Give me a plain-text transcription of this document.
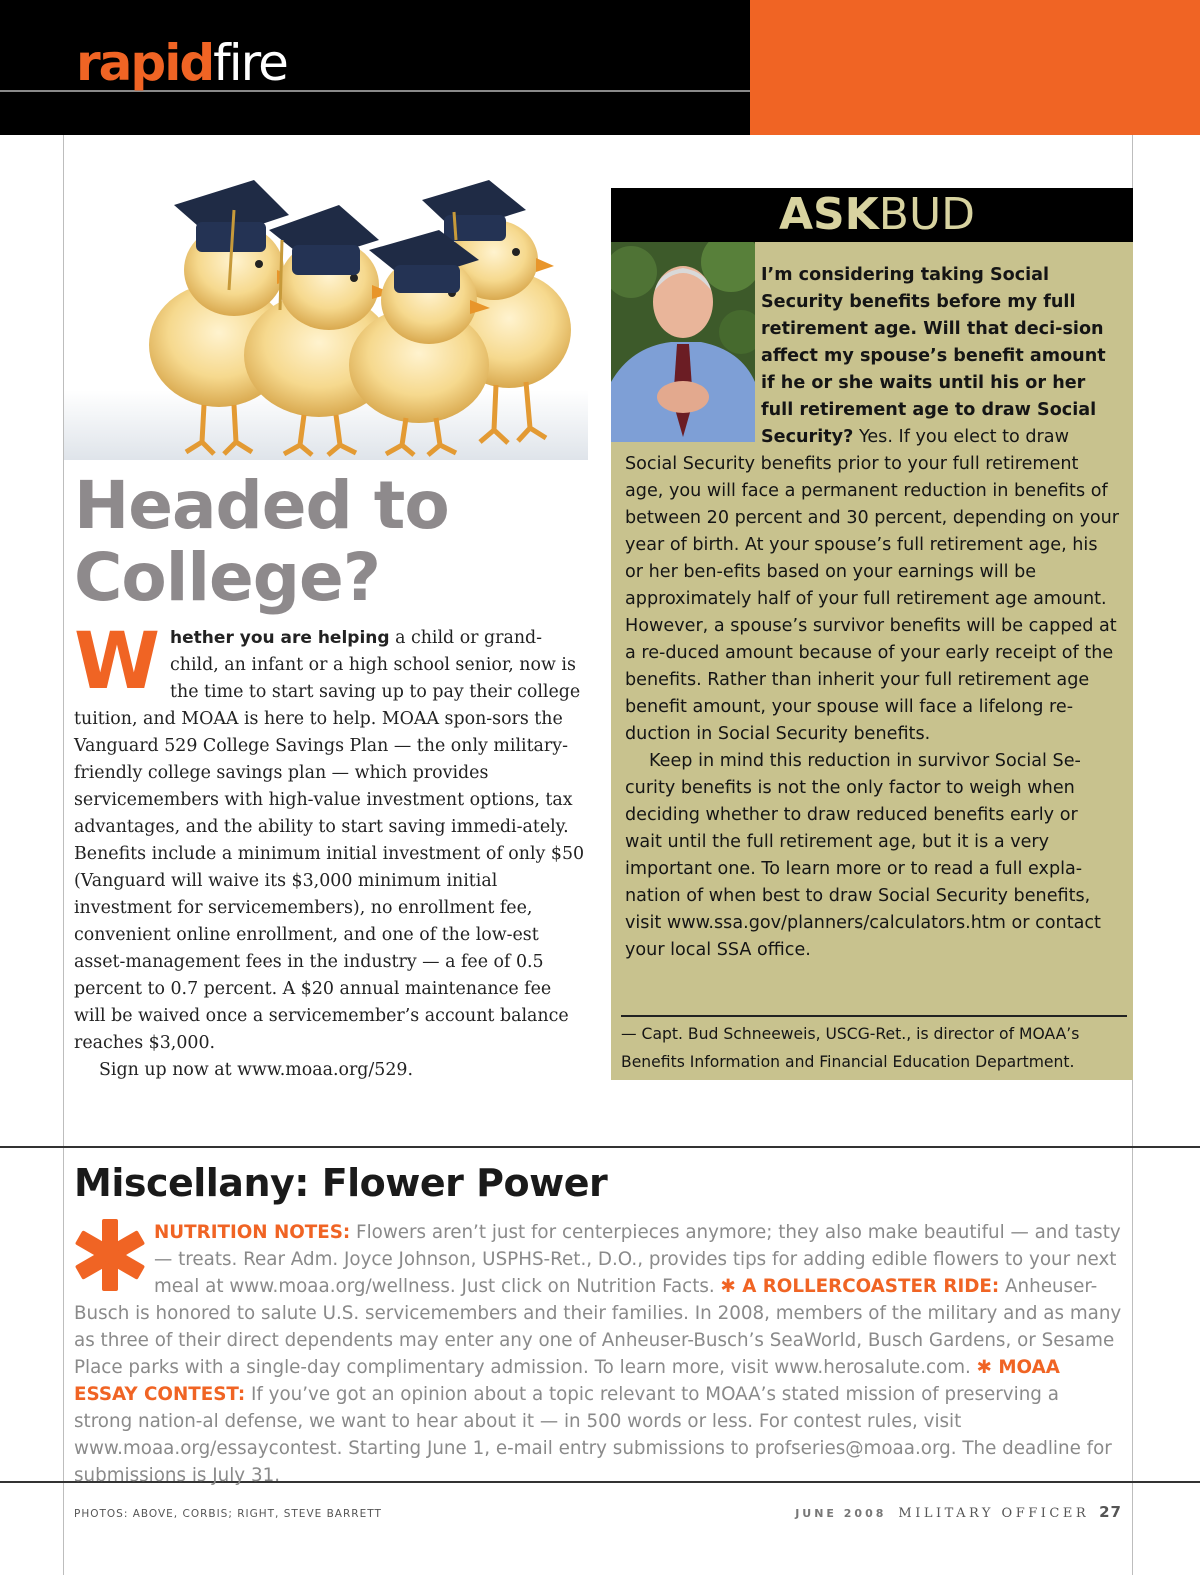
rapidfire
Headed to
College?

Whether you are helping a child or grand-child, an infant or a high school senior, now is the time to start saving up to pay their college tuition, and MOAA is here to help. MOAA spon-sors the Vanguard 529 College Savings Plan — the only military-friendly college savings plan — which provides servicemembers with high-value investment options, tax advantages, and the ability to start saving immedi-ately. Benefits include a minimum initial investment of only $50 (Vanguard will waive its $3,000 minimum initial investment for servicemembers), no enrollment fee, convenient online enrollment, and one of the low-est asset-management fees in the industry — a fee of 0.5 percent to 0.7 percent. A $20 annual maintenance fee will be waived once a servicemember’s account balance reaches $3,000.

Sign up now at www.moaa.org/529.

ASKBUD

I’m considering taking Social Security benefits before my full retirement age. Will that deci-sion affect my spouse’s benefit amount if he or she waits until his or her full retirement age to draw Social Security? Yes. If you elect to draw Social Security benefits prior to your full retirement age, you will face a permanent reduction in benefits of between 20 percent and 30 percent, depending on your year of birth. At your spouse’s full retirement age, his or her ben-efits based on your earnings will be approximately half of your full retirement age amount. However, a spouse’s survivor benefits will be capped at a re-duced amount because of your early receipt of the benefits. Rather than inherit your full retirement age benefit amount, your spouse will face a lifelong re-duction in Social Security benefits.

Keep in mind this reduction in survivor Social Se-curity benefits is not the only factor to weigh when deciding whether to draw reduced benefits early or wait until the full retirement age, but it is a very important one. To learn more or to read a full expla-nation of when best to draw Social Security benefits, visit www.ssa.gov/planners/calculators.htm or contact your local SSA office.

— Capt. Bud Schneeweis, USCG-Ret., is director of MOAA’s
Benefits Information and Financial Education Department.
Miscellany: Flower Power
NUTRITION NOTES: Flowers aren’t just for centerpieces anymore; they also make beautiful — and tasty — treats. Rear Adm. Joyce Johnson, USPHS-Ret., D.O., provides tips for adding edible flowers to your next meal at www.moaa.org/wellness. Just click on Nutrition Facts. ✱ A ROLLERCOASTER RIDE: Anheuser-Busch is honored to salute U.S. servicemembers and their families. In 2008, members of the military and as many as three of their direct dependents may enter any one of Anheuser-Busch’s SeaWorld, Busch Gardens, or Sesame Place parks with a single-day complimentary admission. To learn more, visit www.herosalute.com. ✱ MOAA ESSAY CONTEST: If you’ve got an opinion about a topic relevant to MOAA’s stated mission of preserving a strong nation-al defense, we want to hear about it — in 500 words or less. For contest rules, visit www.moaa.org/essaycontest. Starting June 1, e-mail entry submissions to profseries@moaa.org. The deadline for submissions is July 31.
PHOTOS: ABOVE, CORBIS; RIGHT, STEVE BARRETT	JUNE 2008 MILITARY OFFICER 27
